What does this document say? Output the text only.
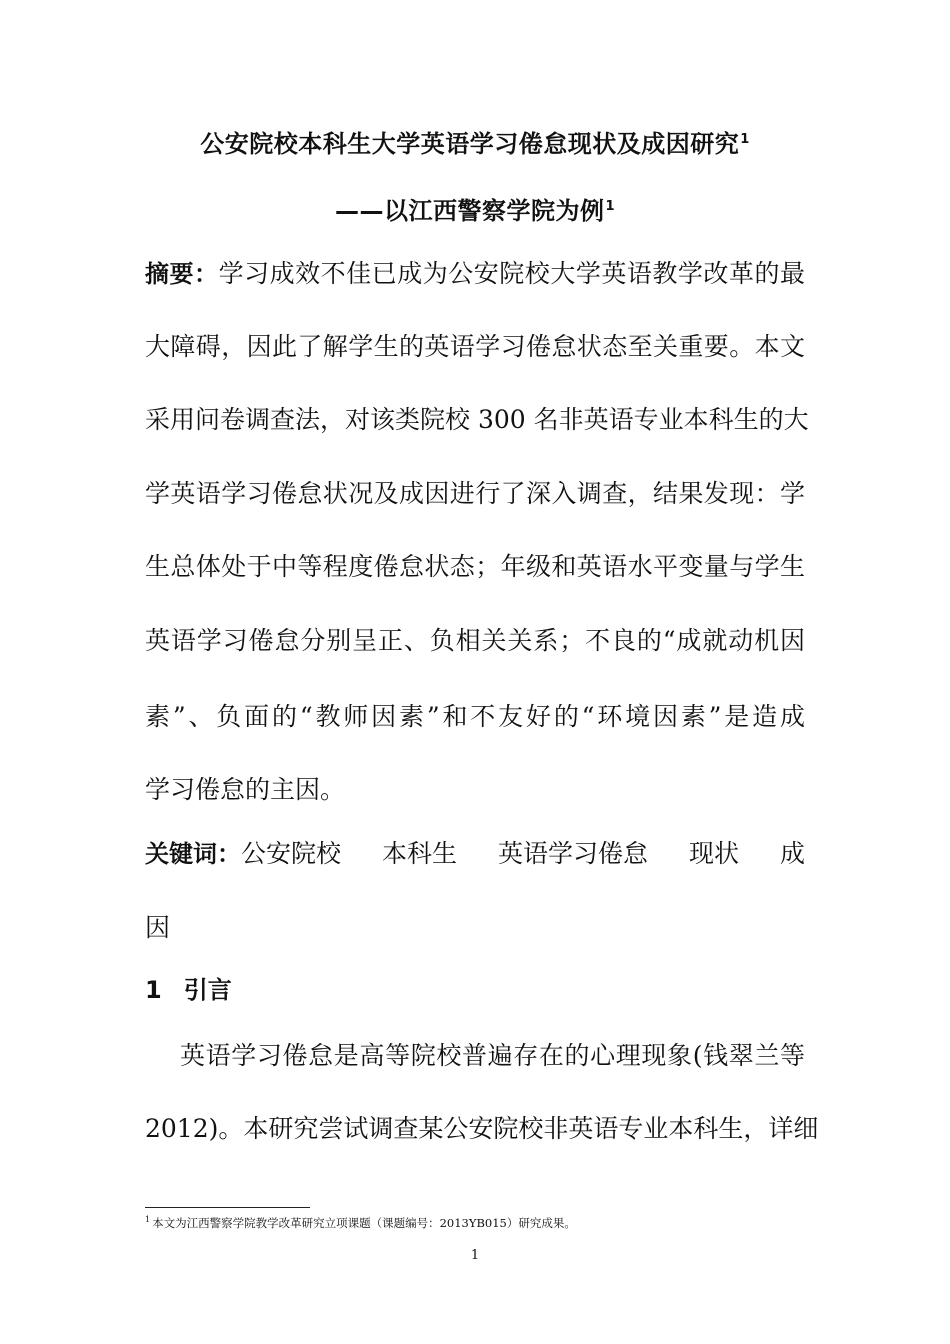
公安院校本科生大学英语学习倦怠现状及成因研究$^1$
——以江西警察学院为例$^1$
摘要：学习成效不佳已成为公安院校大学英语教学改革的最
大障碍，因此了解学生的英语学习倦怠状态至关重要。本文
采用问卷调查法，对该类院校 300 名非英语专业本科生的大
学英语学习倦怠状况及成因进行了深入调查，结果发现：学
生总体处于中等程度倦怠状态；年级和英语水平变量与学生
英语学习倦怠分别呈正、负相关关系；不良的“成就动机因
素”、负面的“教师因素”和不友好的“环境因素”是造成
学习倦怠的主因。
关键词：公安院校 本科生 英语学习倦怠 现状 成
因
1 引言
英语学习倦怠是高等院校普遍存在的心理现象(钱翠兰等
2012)。本研究尝试调查某公安院校非英语专业本科生，详细
$^1$ 本文为江西警察学院教学改革研究立项课题（课题编号：2013YB015）研究成果。
1
